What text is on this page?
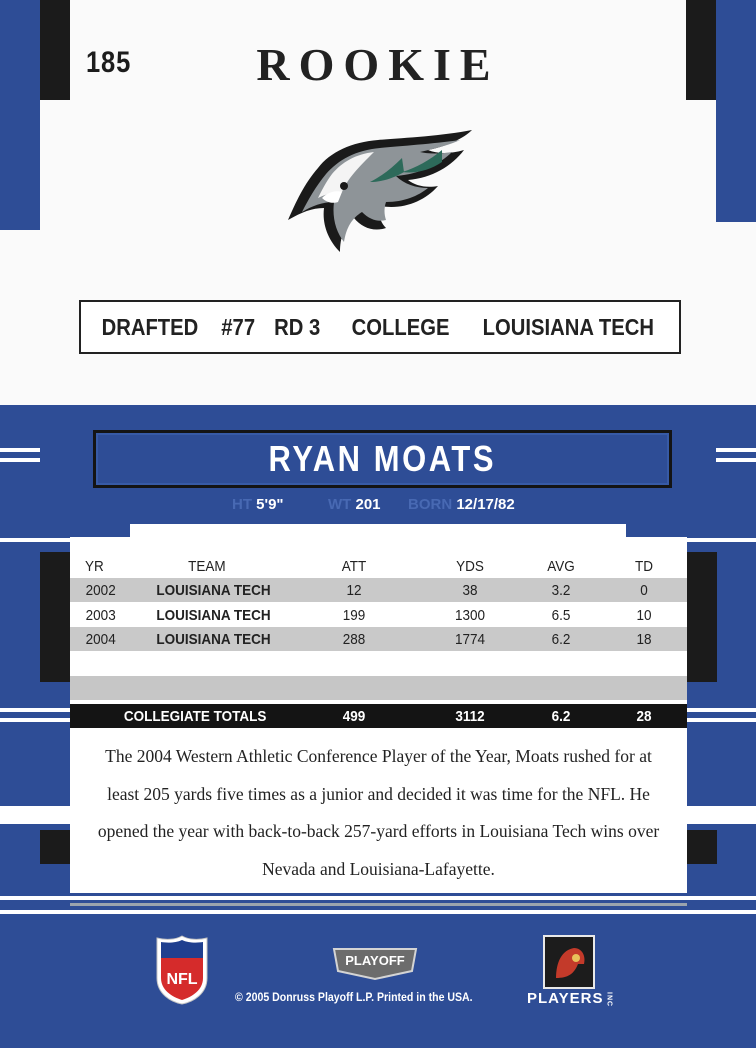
185	ROOKIE
DRAFTED #77 RD 3 COLLEGE LOUISIANA TECH
RYAN MOATS
HT 5'9"	WT 201 BORN 12/17/82
YR	TEAM	ATT	YDS	AVG	TD
2002	LOUISIANA TECH	12	38	3.2	0
2003	LOUISIANA TECH	199	1300	6.5	10
2004	LOUISIANA TECH	288	1774	6.2	18
COLLEGIATE TOTALS	499	3112	6.2	28

The 2004 Western Athletic Conference Player of the Year, Moats rushed for at least 205 yards five times as a junior and decided it was time for the NFL. He opened the year with back-to-back 257-yard efforts in Louisiana Tech wins over Nevada and Louisiana-Lafayette.

NFL
PLAYOFF
© 2005 Donruss Playoff L.P. Printed in the USA.	PLAYERS INC
